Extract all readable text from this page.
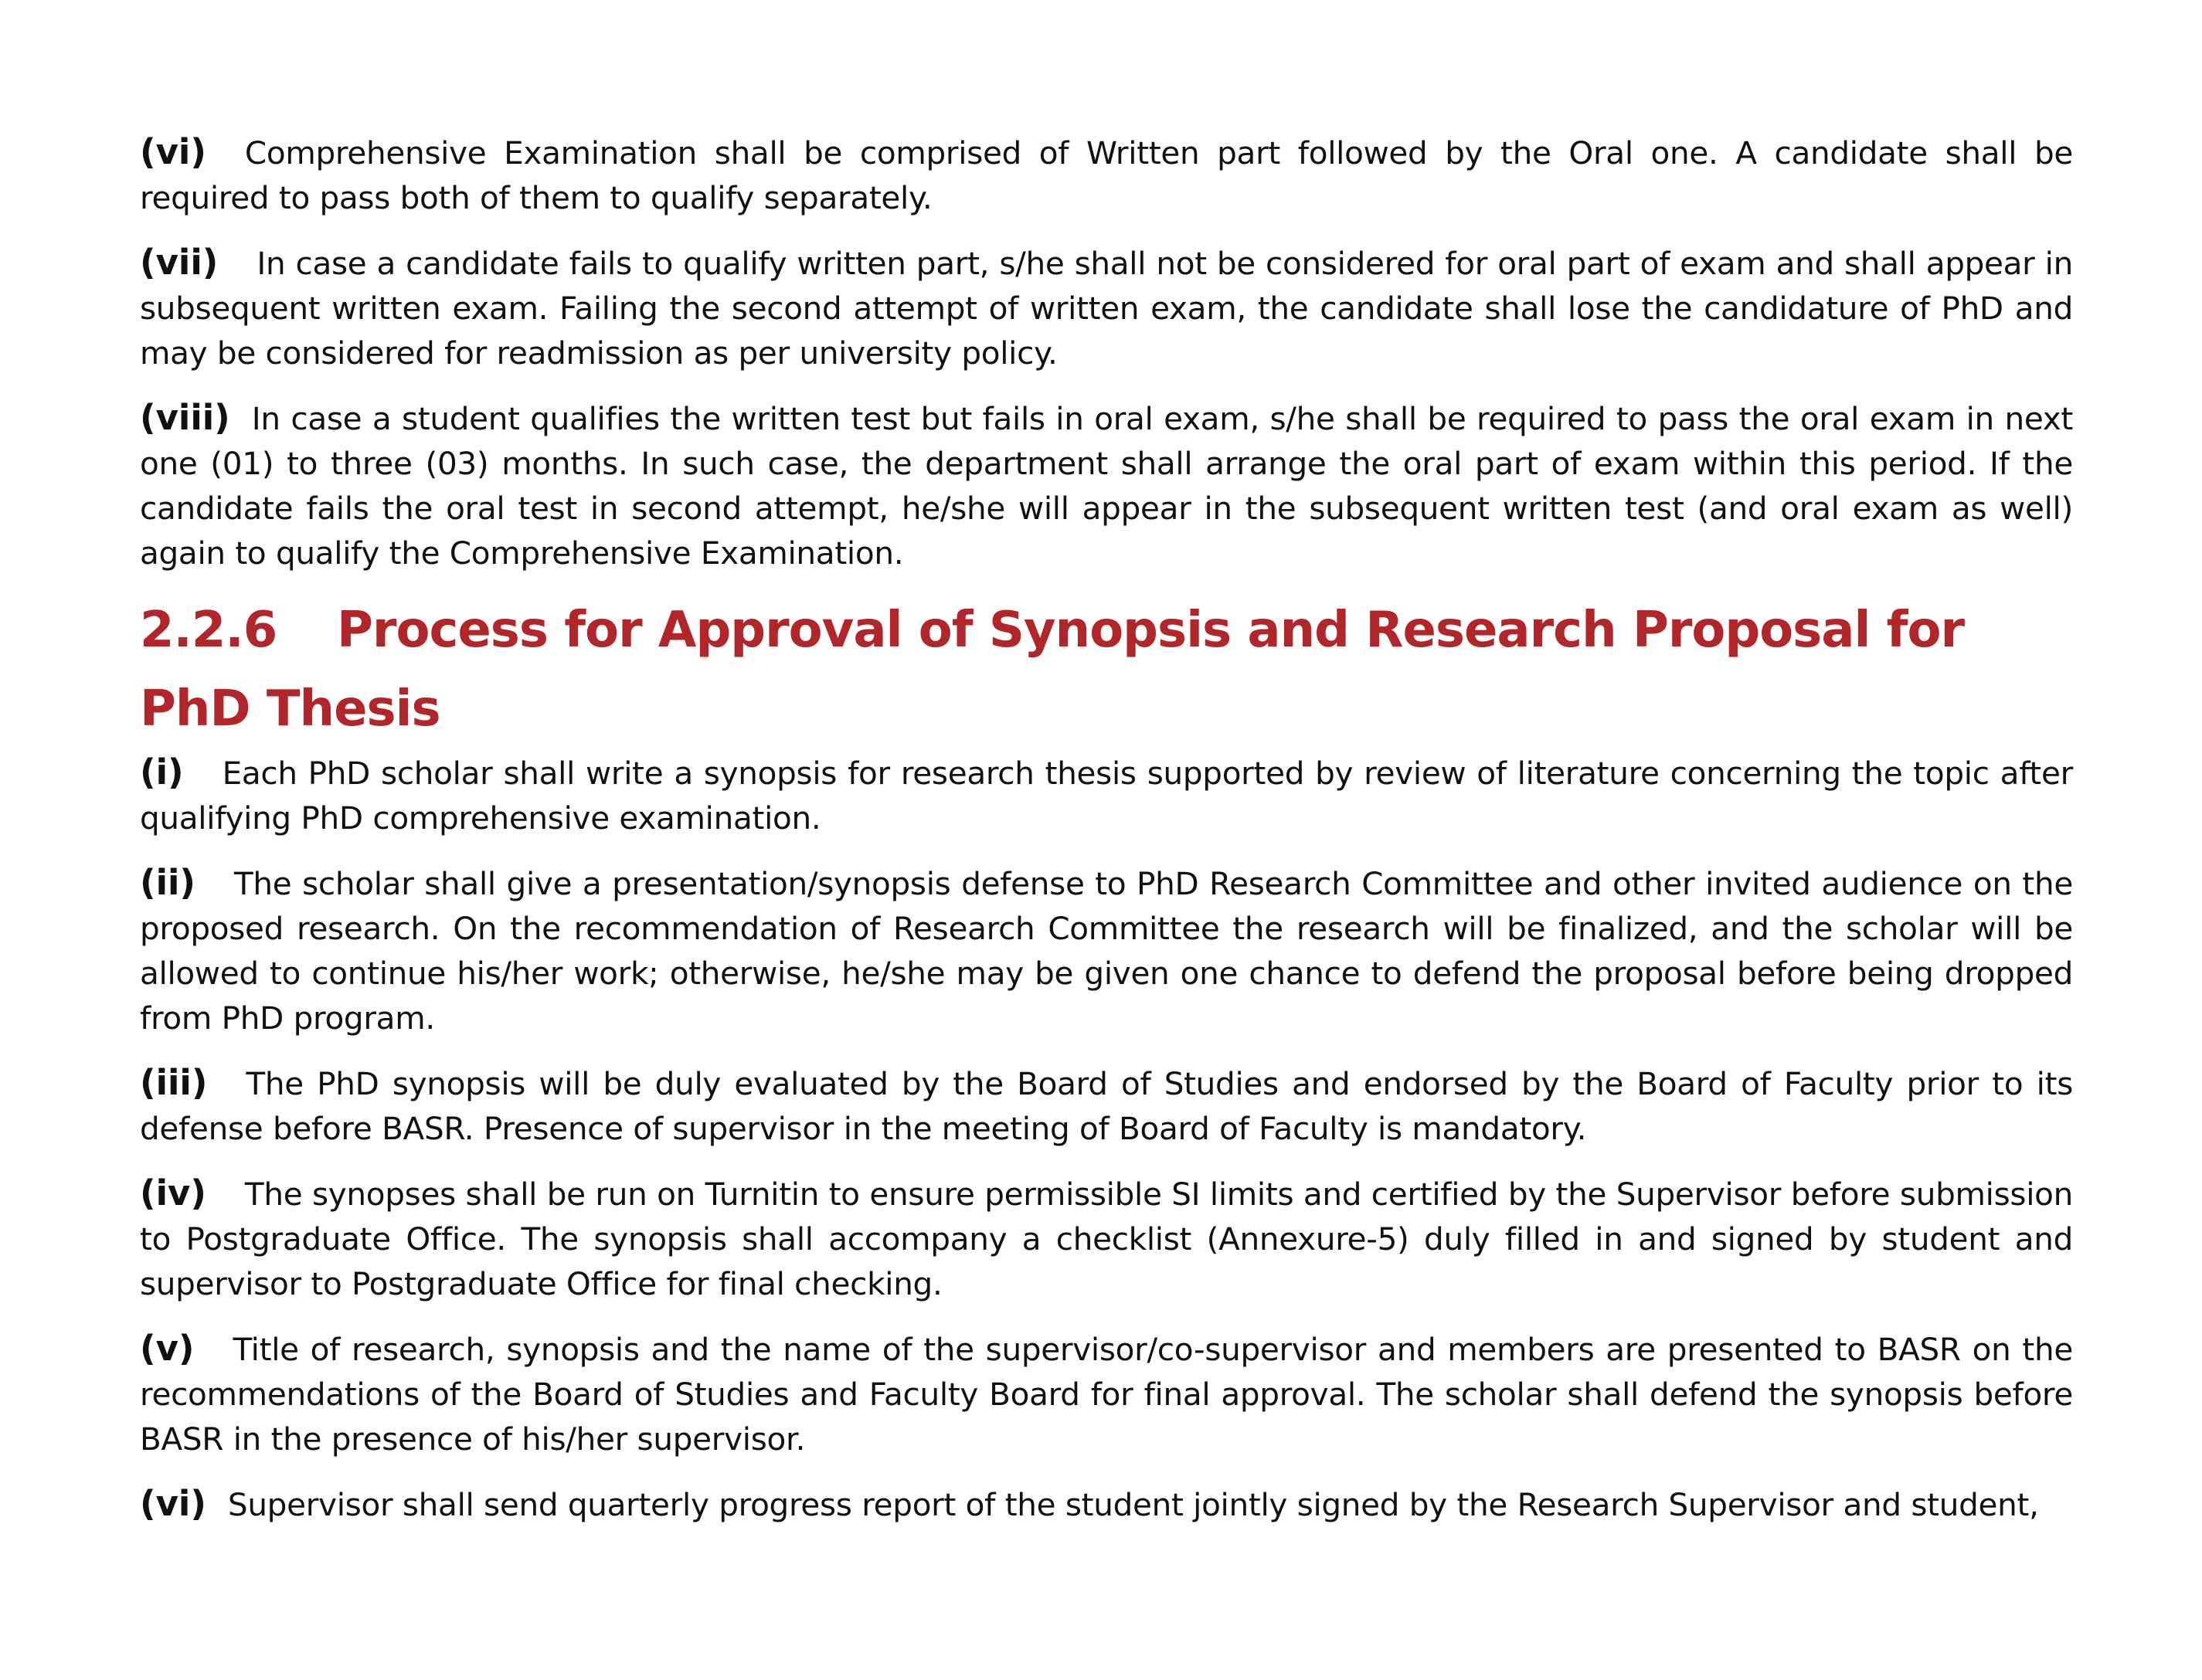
(vi) Comprehensive Examination shall be comprised of Written part followed by the Oral one. A candidate shall be required to pass both of them to qualify separately.

(vii) In case a candidate fails to qualify written part, s/he shall not be considered for oral part of exam and shall appear in subsequent written exam. Failing the second attempt of written exam, the candidate shall lose the candidature of PhD and may be considered for readmission as per university policy.

(viii) In case a student qualifies the written test but fails in oral exam, s/he shall be required to pass the oral exam in next one (01) to three (03) months. In such case, the department shall arrange the oral part of exam within this period. If the candidate fails the oral test in second attempt, he/she will appear in the subsequent written test (and oral exam as well) again to qualify the Comprehensive Examination.

2.2.6 Process for Approval of Synopsis and Research Proposal for PhD Thesis

(i) Each PhD scholar shall write a synopsis for research thesis supported by review of literature concerning the topic after qualifying PhD comprehensive examination.

(ii) The scholar shall give a presentation/synopsis defense to PhD Research Committee and other invited audience on the proposed research. On the recommendation of Research Committee the research will be finalized, and the scholar will be allowed to continue his/her work; otherwise, he/she may be given one chance to defend the proposal before being dropped from PhD program.

(iii) The PhD synopsis will be duly evaluated by the Board of Studies and endorsed by the Board of Faculty prior to its defense before BASR. Presence of supervisor in the meeting of Board of Faculty is mandatory.

(iv) The synopses shall be run on Turnitin to ensure permissible SI limits and certified by the Supervisor before submission to Postgraduate Office. The synopsis shall accompany a checklist (Annexure-5) duly filled in and signed by student and supervisor to Postgraduate Office for final checking.

(v) Title of research, synopsis and the name of the supervisor/co-supervisor and members are presented to BASR on the recommendations of the Board of Studies and Faculty Board for final approval. The scholar shall defend the synopsis before BASR in the presence of his/her supervisor.

(vi) Supervisor shall send quarterly progress report of the student jointly signed by the Research Supervisor and student,
